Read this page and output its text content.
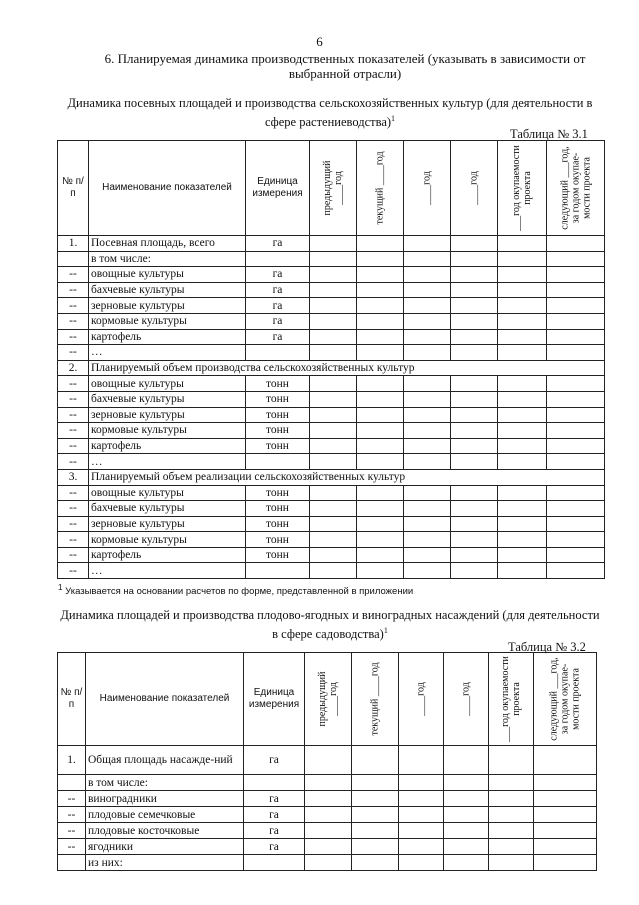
6
6. Планируемая динамика производственных показателей (указывать в зависимости от выбранной отрасли)
Динамика посевных площадей и производства сельскохозяйственных культур (для деятельности в сфере растениеводства)$^1$
Таблица № 3.1
№ п/п	Наименование показателей	Единица измерения	предыдущий ____год	текущий ____год	____год	____год	___год окупаемости проекта	следующий ___год, за годом окупае-мости проекта

1.	Посевная площадь, всего	га						
	в том числе:							
--	овощные культуры	га						
--	бахчевые культуры	га						
--	зерновые культуры	га						
--	кормовые культуры	га						
--	картофель	га						
--	…							
2.	Планируемый объем производства сельскохозяйственных культур							
--	овощные культуры	тонн						
--	бахчевые культуры	тонн						
--	зерновые культуры	тонн						
--	кормовые культуры	тонн						
--	картофель	тонн						
--	…							
3.	Планируемый объем реализации сельскохозяйственных культур							
--	овощные культуры	тонн						
--	бахчевые культуры	тонн						
--	зерновые культуры	тонн						
--	кормовые культуры	тонн						
--	картофель	тонн						
--	…							
$^1$ Указывается на основании расчетов по форме, представленной в приложении
Динамика площадей и производства плодово-ягодных и виноградных насаждений (для деятельности в сфере садоводства)$^1$
Таблица № 3.2
№ п/п	Наименование показателей	Единица измерения	предыдущий ____год	текущий ____год	____год	____год	___год окупаемости проекта	следующий ___год, за годом окупае-мости проекта

1.	Общая площадь насажде-ний	га						
	в том числе:							
--	виноградники	га						
--	плодовые семечковые	га						
--	плодовые косточковые	га						
--	ягодники	га						
	из них:							
